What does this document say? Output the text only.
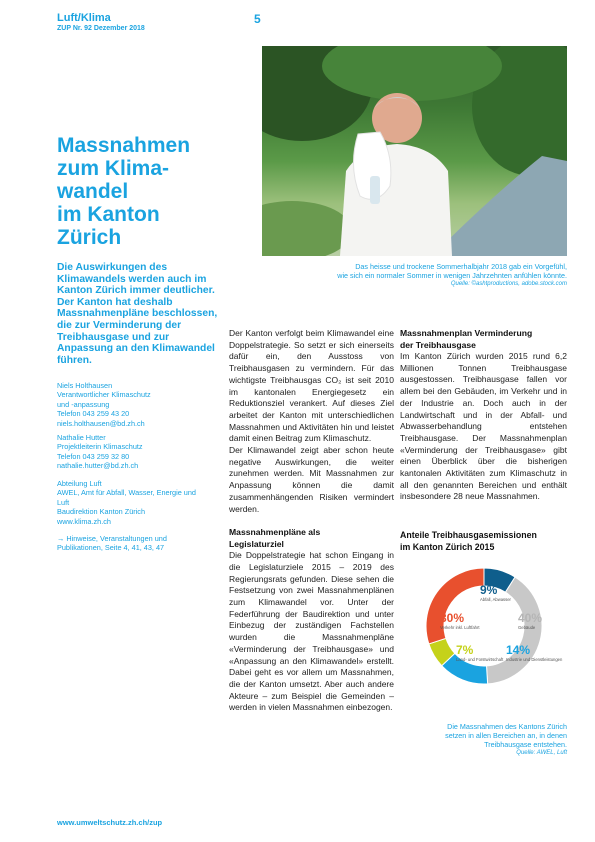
Luft/Klima
ZUP Nr. 92 Dezember 2018
5
Das heisse und trockene Sommerhalbjahr 2018 gab ein Vorgefühl,
wie sich ein normaler Sommer in wenigen Jahrzehnten anfühlen könnte.
Quelle: ©ashtproductions, adobe.stock.com
Massnahmen
zum Klima-
wandel
im Kanton
Zürich
Die Auswirkungen des Klimawandels werden auch im Kanton Zürich immer deutlicher. Der Kanton hat deshalb Massnahmenpläne beschlossen, die zur Verminderung der Treibhausgase und zur Anpassung an den Klimawandel führen.
Niels Holthausen
Verantwortlicher Klimaschutz
und -anpassung
Telefon 043 259 43 20
niels.holthausen@bd.zh.ch
Nathalie Hutter
Projektleiterin Klimaschutz
Telefon 043 259 32 80
nathalie.hutter@bd.zh.ch
Abteilung Luft
AWEL, Amt für Abfall, Wasser, Energie und
Luft
Baudirektion Kanton Zürich
www.klima.zh.ch
→ Hinweise, Veranstaltungen und
Publikationen, Seite 4, 41, 43, 47

Der Kanton verfolgt beim Klimawandel eine Doppelstrategie. So setzt er sich einerseits dafür ein, den Ausstoss von Treibhausgasen zu vermindern. Für das wichtigste Treibhausgas CO₂ ist seit 2010 im kantonalen Energiegesetz ein Reduktionsziel verankert. Auf dieses Ziel arbeitet der Kanton mit unterschiedlichen Massnahmen und Aktivitäten hin und leistet damit einen Beitrag zum Klimaschutz.

Der Klimawandel zeigt aber schon heute negative Auswirkungen, die weiter zunehmen werden. Mit Massnahmen zur Anpassung können die damit zusammenhängenden Risiken vermindert werden.

Massnahmenpläne als
Legislaturziel

Die Doppelstrategie hat schon Eingang in die Legislaturziele 2015 – 2019 des Regierungsrats gefunden. Diese sehen die Festsetzung von zwei Massnahmenplänen zum Klimawandel vor. Unter der Federführung der Baudirektion und unter Einbezug der zuständigen Fachstellen wurden die Massnahmenpläne «Verminderung der Treibhausgase» und «Anpassung an den Klimawandel» erstellt. Dabei geht es vor allem um Massnahmen, die der Kanton umsetzt. Aber auch andere Akteure – zum Beispiel die Gemeinden – werden in vielen Massnahmen einbezogen.

Massnahmenplan Verminderung
der Treibhausgase

Im Kanton Zürich wurden 2015 rund 6,2 Millionen Tonnen Treibhausgase ausgestossen. Treibhausgase fallen vor allem bei den Gebäuden, im Verkehr und in der Industrie an. Doch auch in der Landwirtschaft und in der Abfall- und Abwasserbehandlung entstehen Treibhausgase. Der Massnahmenplan «Verminderung der Treibhausgase» gibt einen Überblick über die bisherigen kantonalen Aktivitäten zum Klimaschutz in all den genannten Bereichen und enthält insbesondere 28 neue Massnahmen.

Anteile Treibhausgasemissionen
im Kanton Zürich 2015
9%
Abfall, Abwasser
40%
Gebäude
14%
Industrie und Dienstleistungen
7%
Land- und Forstwirtschaft
30%
Verkehr inkl. Luftfahrt
Die Massnahmen des Kantons Zürich
setzen in allen Bereichen an, in denen
Treibhausgase entstehen.
Quelle: AWEL, Luft
www.umweltschutz.zh.ch/zup
